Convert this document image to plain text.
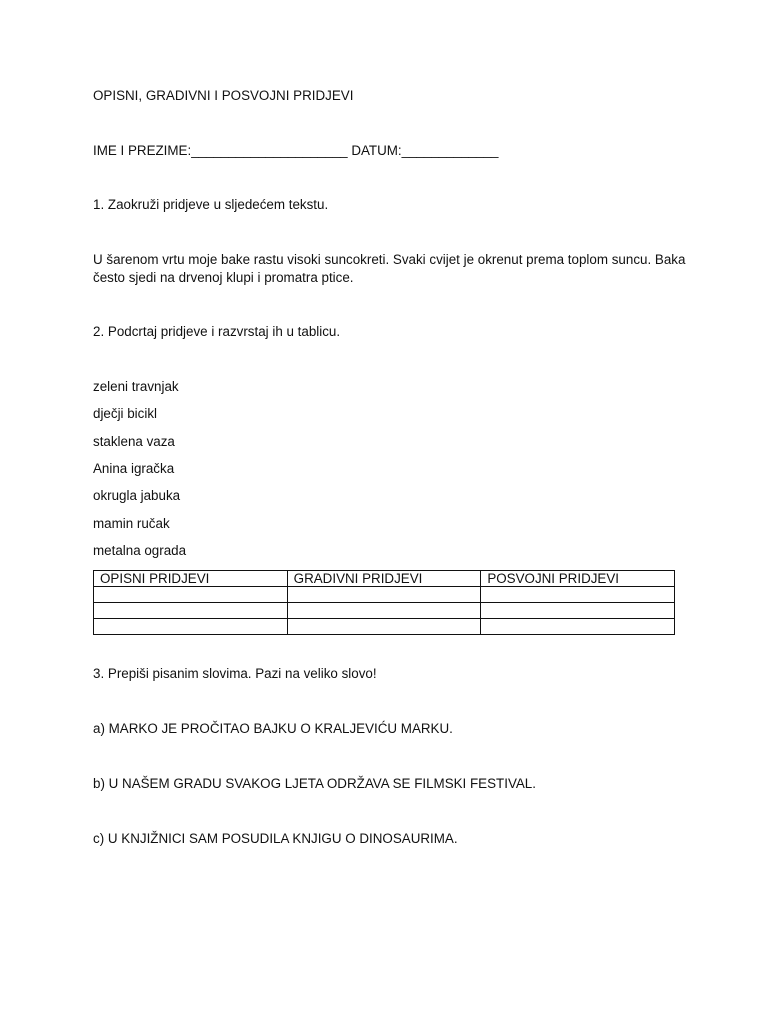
OPISNI, GRADIVNI I POSVOJNI PRIDJEVI
IME I PREZIME:_____________________ DATUM:_____________
1. Zaokruži pridjeve u sljedećem tekstu.
U šarenom vrtu moje bake rastu visoki suncokreti. Svaki cvijet je okrenut prema toplom suncu. Baka
često sjedi na drvenoj klupi i promatra ptice.
2. Podcrtaj pridjeve i razvrstaj ih u tablicu.
zeleni travnjak
dječji bicikl
staklena vaza
Anina igračka
okrugla jabuka
mamin ručak
metalna ograda
OPISNI PRIDJEVI	GRADIVNI PRIDJEVI	POSVOJNI PRIDJEVI

3. Prepiši pisanim slovima. Pazi na veliko slovo!
a) MARKO JE PROČITAO BAJKU O KRALJEVIĆU MARKU.
b) U NAŠEM GRADU SVAKOG LJETA ODRŽAVA SE FILMSKI FESTIVAL.
c) U KNJIŽNICI SAM POSUDILA KNJIGU O DINOSAURIMA.
